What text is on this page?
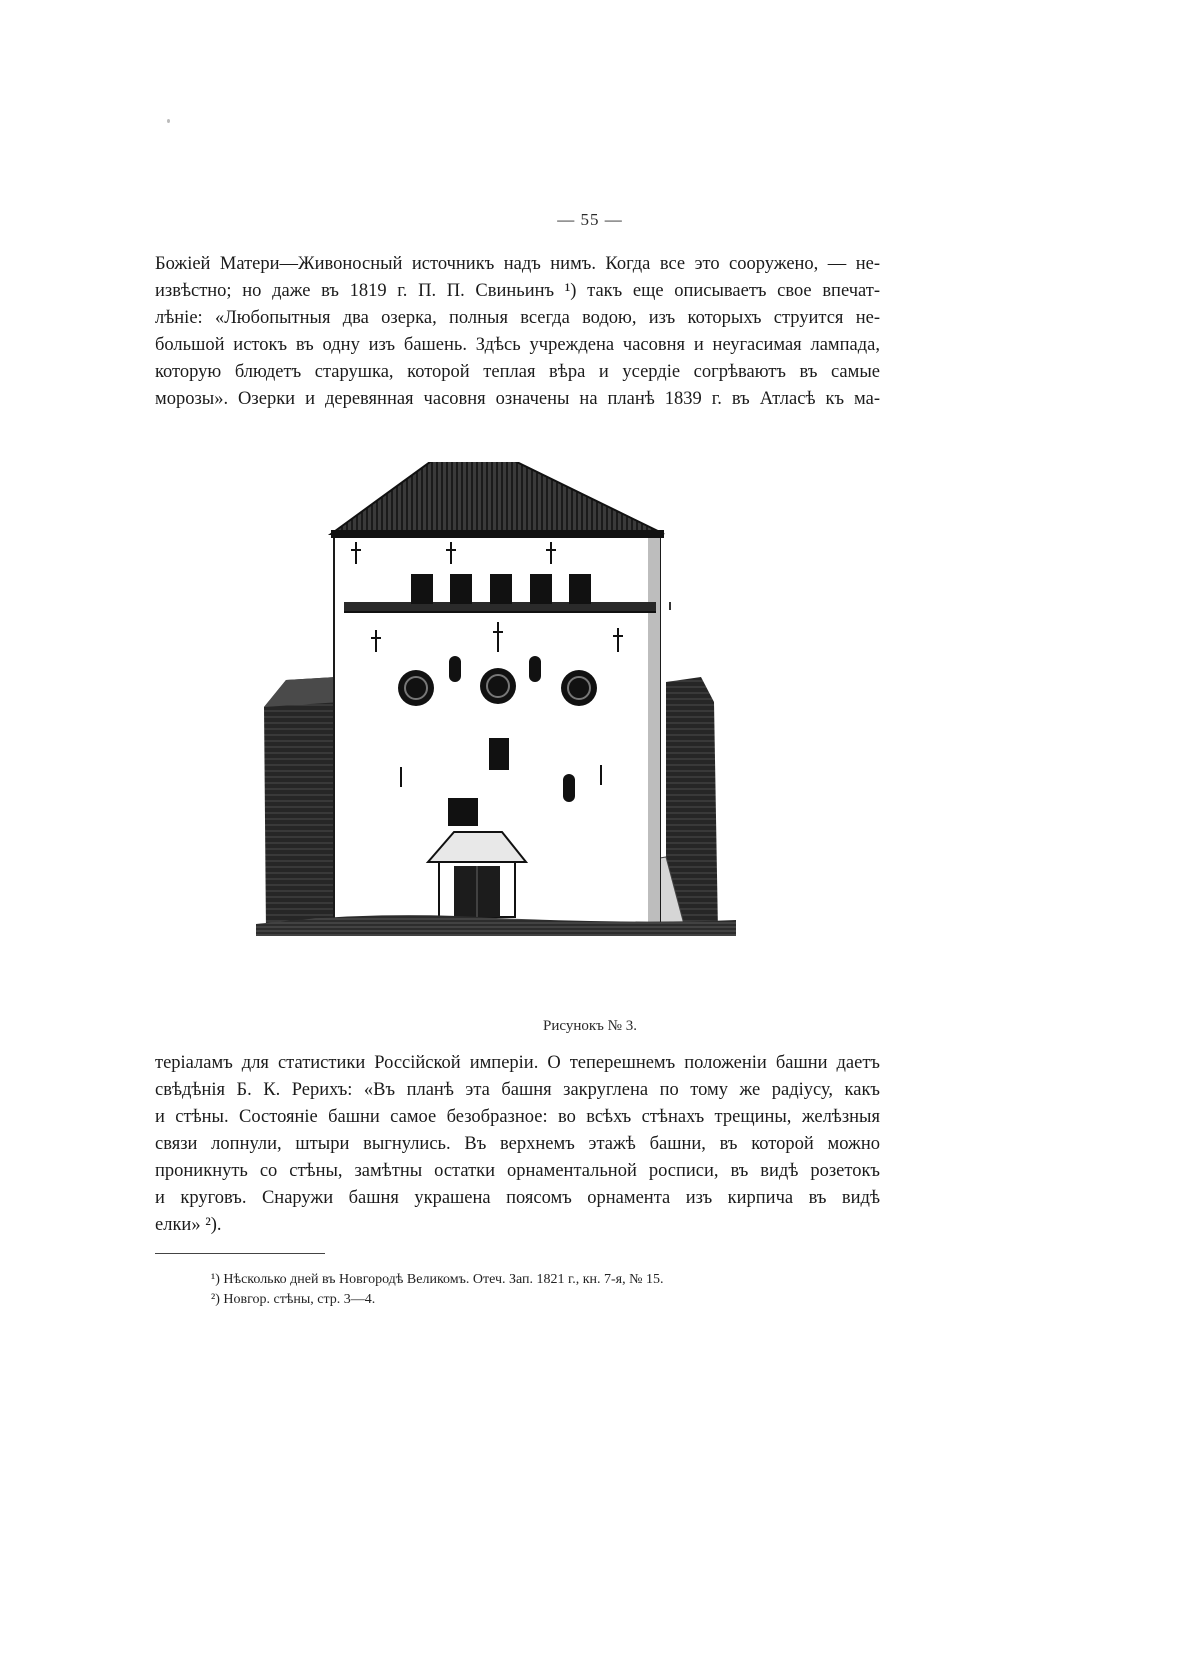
— 55 —
Божіей Матери—Живоносный источникъ надъ нимъ. Когда все это сооружено, — не-
извѣстно; но даже въ 1819 г. П. П. Свиньинъ ¹) такъ еще описываетъ свое впечат-
лѣніе: «Любопытныя два озерка, полныя всегда водою, изъ которыхъ струится не-
большой истокъ въ одну изъ башень. Здѣсь учреждена часовня и неугасимая лампада,
которую блюдетъ старушка, которой теплая вѣра и усердіе согрѣваютъ въ самые
морозы». Озерки и деревянная часовня означены на планѣ 1839 г. въ Атласѣ къ ма-
Рисунокъ № 3.
теріаламъ для статистики Россійской имперіи. О теперешнемъ положеніи башни даетъ
свѣдѣнія Б. К. Рерихъ: «Въ планѣ эта башня закруглена по тому же радіусу, какъ
и стѣны. Состояніе башни самое безобразное: во всѣхъ стѣнахъ трещины, желѣзныя
связи лопнули, штыри выгнулись. Въ верхнемъ этажѣ башни, въ которой можно
проникнуть со стѣны, замѣтны остатки орнаментальной росписи, въ видѣ розетокъ
и круговъ. Снаружи башня украшена поясомъ орнамента изъ кирпича въ видѣ
елки» ²).
¹) Нѣсколько дней въ Новгородѣ Великомъ. Отеч. Зап. 1821 г., кн. 7-я, № 15.
²) Новгор. стѣны, стр. 3—4.
